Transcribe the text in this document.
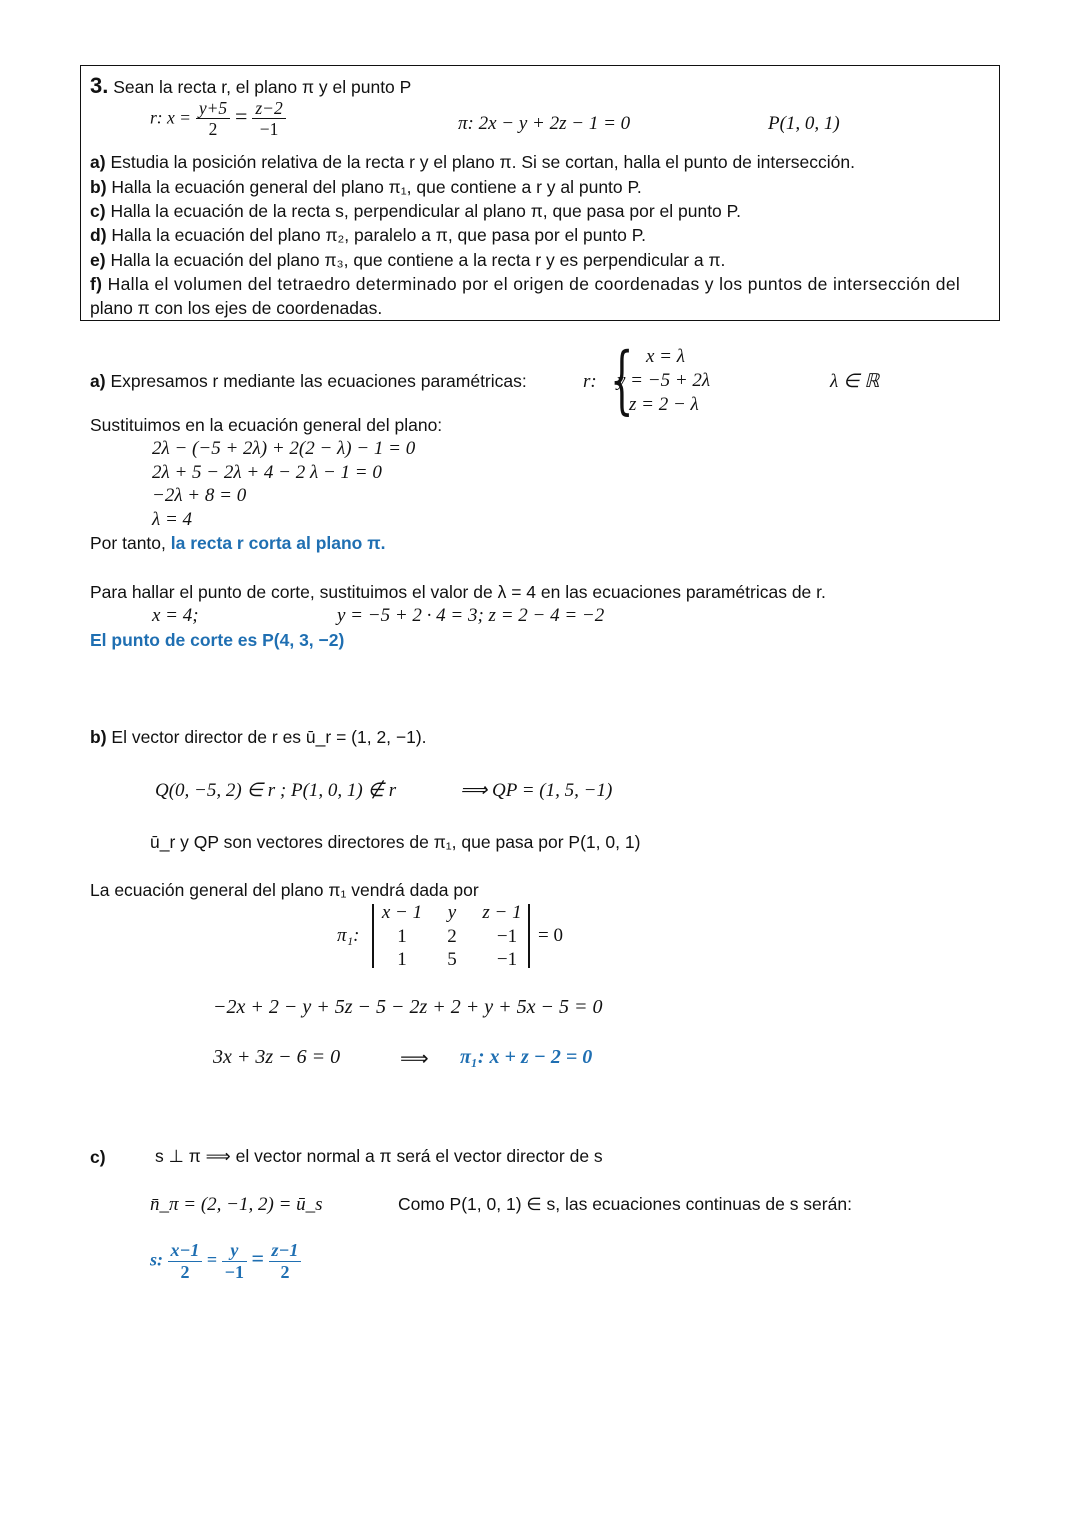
3. Sean la recta r, el plano π y el punto P
r: $x = \frac{y+5}{2} = \frac{z-2}{-1}$	π: 2x − y + 2z − 1 = 0	P(1, 0, 1)
a) Estudia la posición relativa de la recta r y el plano π. Si se cortan, halla el punto de intersección.
b) Halla la ecuación general del plano π₁, que contiene a r y al punto P.
c) Halla la ecuación de la recta s, perpendicular al plano π, que pasa por el punto P.
d) Halla la ecuación del plano π₂, paralelo a π, que pasa por el punto P.
e) Halla la ecuación del plano π₃, que contiene a la recta r y es perpendicular a π.
f) Halla el volumen del tetraedro determinado por el origen de coordenadas y los puntos de intersección del
plano π con los ejes de coordenadas.
a) Expresamos r mediante las ecuaciones paramétricas:	r: { x = λ
y = −5 + 2λ
z = 2 − λ
λ ∈ ℝ
Sustituimos en la ecuación general del plano:
2λ − (−5 + 2λ) + 2(2 − λ) − 1 = 0
2λ + 5 − 2λ + 4 − 2 λ − 1 = 0
−2λ + 8 = 0
λ = 4
Por tanto, la recta r corta al plano π.
Para hallar el punto de corte, sustituimos el valor de λ = 4 en las ecuaciones paramétricas de r.
x = 4;	y = −5 + 2 · 4 = 3; z = 2 − 4 = −2
El punto de corte es P(4, 3, −2)
b) El vector director de r es ū_r = (1, 2, −1).
Q(0, −5, 2) ∈ r ; P(1, 0, 1) ∉ r	⟹ QP = (1, 5, −1)
ū_r y QP son vectores directores de π₁, que pasa por P(1, 0, 1)
La ecuación general del plano π₁ vendrá dada por
π₁:
x − 1	y	z − 1
1	2	−1
1	5	−1
= 0
−2x + 2 − y + 5z − 5 − 2z + 2 + y + 5x − 5 = 0
3x + 3z − 6 = 0	⟹ π₁: x + z − 2 = 0
c)	s ⊥ π ⟹ el vector normal a π será el vector director de s
n̄_π = (2, −1, 2) = ū_s	Como P(1, 0, 1) ∈ s, las ecuaciones continuas de s serán:
s: $\frac{x-1}{2} = \frac{y}{-1} = \frac{z-1}{2}$
